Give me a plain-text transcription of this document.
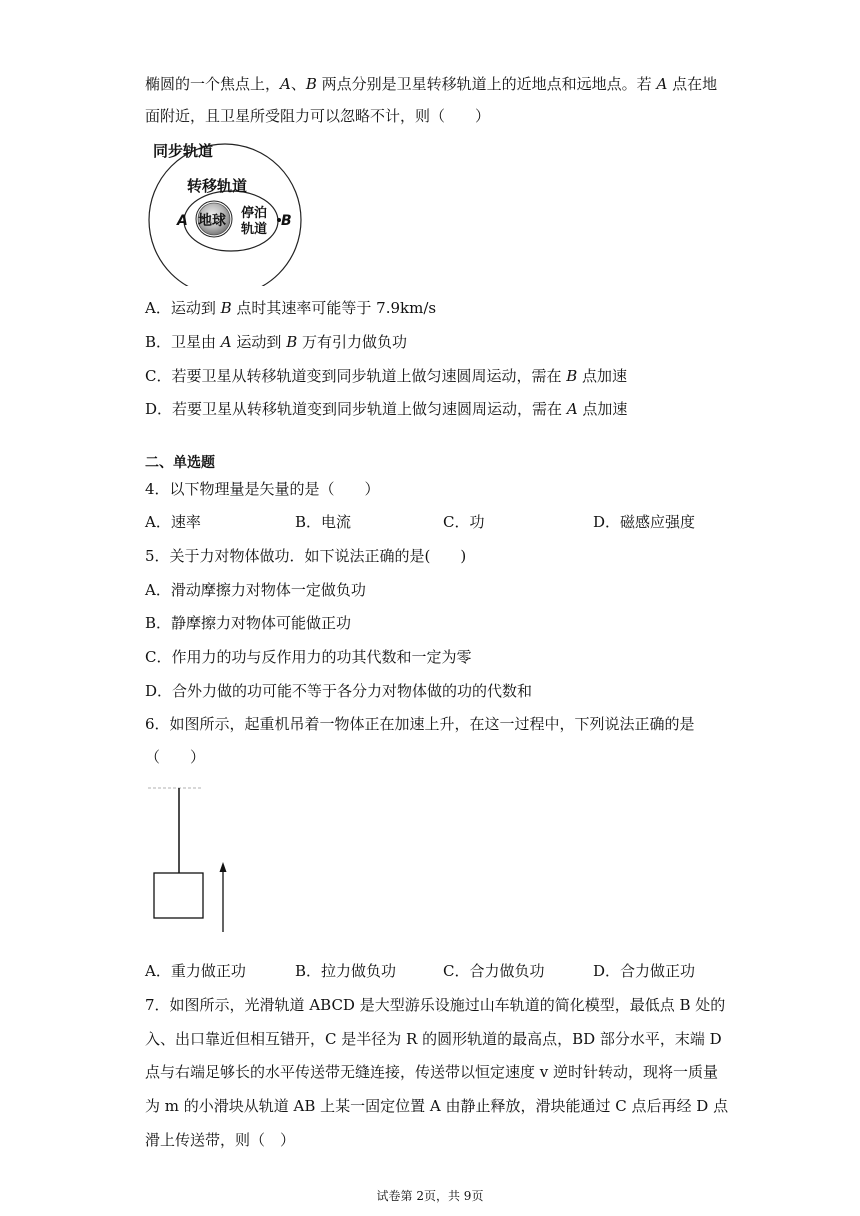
椭圆的一个焦点上，A、B 两点分别是卫星转移轨道上的近地点和远地点。若 A 点在地
面附近，且卫星所受阻力可以忽略不计，则（　　）
同步轨道
转移轨道
地球
A	停泊
轨道
B
A．运动到 B 点时其速率可能等于 7.9km/s
B．卫星由 A 运动到 B 万有引力做负功
C．若要卫星从转移轨道变到同步轨道上做匀速圆周运动，需在 B 点加速
D．若要卫星从转移轨道变到同步轨道上做匀速圆周运动，需在 A 点加速
二、单选题
4．以下物理量是矢量的是（　　）
A．速率	B．电流	C．功	D．磁感应强度
5．关于力对物体做功．如下说法正确的是(　　)
A．滑动摩擦力对物体一定做负功
B．静摩擦力对物体可能做正功
C．作用力的功与反作用力的功其代数和一定为零
D．合外力做的功可能不等于各分力对物体做的功的代数和
6．如图所示，起重机吊着一物体正在加速上升，在这一过程中，下列说法正确的是
（　　）
A．重力做正功	B．拉力做负功	C．合力做负功	D．合力做正功
7．如图所示，光滑轨道 ABCD 是大型游乐设施过山车轨道的简化模型，最低点 B 处的
入、出口靠近但相互错开，C 是半径为 R 的圆形轨道的最高点，BD 部分水平，末端 D
点与右端足够长的水平传送带无缝连接，传送带以恒定速度 v 逆时针转动，现将一质量
为 m 的小滑块从轨道 AB 上某一固定位置 A 由静止释放，滑块能通过 C 点后再经 D 点
滑上传送带，则（　）
试卷第 2页，共 9页
